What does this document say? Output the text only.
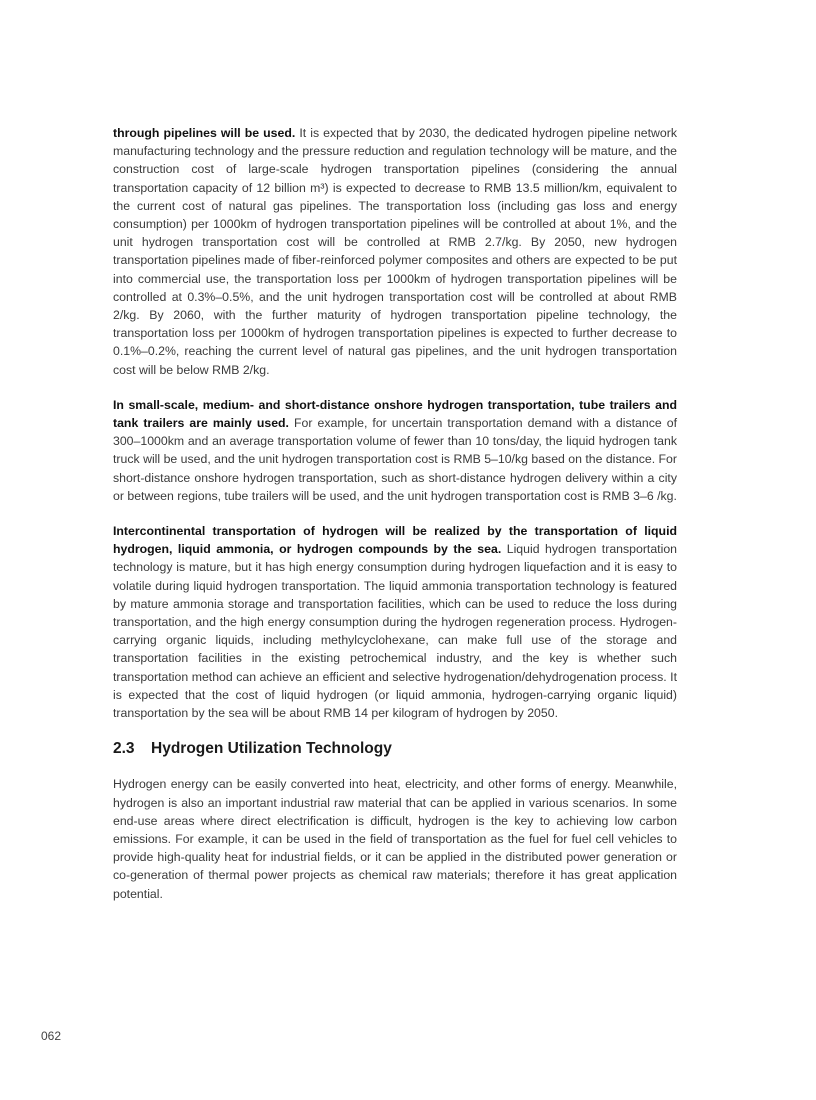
through pipelines will be used. It is expected that by 2030, the dedicated hydrogen pipeline network manufacturing technology and the pressure reduction and regulation technology will be mature, and the construction cost of large-scale hydrogen transportation pipelines (considering the annual transportation capacity of 12 billion m³) is expected to decrease to RMB 13.5 million/km, equivalent to the current cost of natural gas pipelines. The transportation loss (including gas loss and energy consumption) per 1000km of hydrogen transportation pipelines will be controlled at about 1%, and the unit hydrogen transportation cost will be controlled at RMB 2.7/kg. By 2050, new hydrogen transportation pipelines made of fiber-reinforced polymer composites and others are expected to be put into commercial use, the transportation loss per 1000km of hydrogen transportation pipelines will be controlled at 0.3%–0.5%, and the unit hydrogen transportation cost will be controlled at about RMB 2/kg. By 2060, with the further maturity of hydrogen transportation pipeline technology, the transportation loss per 1000km of hydrogen transportation pipelines is expected to further decrease to 0.1%–0.2%, reaching the current level of natural gas pipelines, and the unit hydrogen transportation cost will be below RMB 2/kg.

In small-scale, medium- and short-distance onshore hydrogen transportation, tube trailers and tank trailers are mainly used. For example, for uncertain transportation demand with a distance of 300–1000km and an average transportation volume of fewer than 10 tons/day, the liquid hydrogen tank truck will be used, and the unit hydrogen transportation cost is RMB 5–10/kg based on the distance. For short-distance onshore hydrogen transportation, such as short-distance hydrogen delivery within a city or between regions, tube trailers will be used, and the unit hydrogen transportation cost is RMB 3–6 /kg.

Intercontinental transportation of hydrogen will be realized by the transportation of liquid hydrogen, liquid ammonia, or hydrogen compounds by the sea. Liquid hydrogen transportation technology is mature, but it has high energy consumption during hydrogen liquefaction and it is easy to volatile during liquid hydrogen transportation. The liquid ammonia transportation technology is featured by mature ammonia storage and transportation facilities, which can be used to reduce the loss during transportation, and the high energy consumption during the hydrogen regeneration process. Hydrogen-carrying organic liquids, including methylcyclohexane, can make full use of the storage and transportation facilities in the existing petrochemical industry, and the key is whether such transportation method can achieve an efficient and selective hydrogenation/dehydrogenation process. It is expected that the cost of liquid hydrogen (or liquid ammonia, hydrogen-carrying organic liquid) transportation by the sea will be about RMB 14 per kilogram of hydrogen by 2050.

2.3 Hydrogen Utilization Technology

Hydrogen energy can be easily converted into heat, electricity, and other forms of energy. Meanwhile, hydrogen is also an important industrial raw material that can be applied in various scenarios. In some end-use areas where direct electrification is difficult, hydrogen is the key to achieving low carbon emissions. For example, it can be used in the field of transportation as the fuel for fuel cell vehicles to provide high-quality heat for industrial fields, or it can be applied in the distributed power generation or co-generation of thermal power projects as chemical raw materials; therefore it has great application potential.

062
